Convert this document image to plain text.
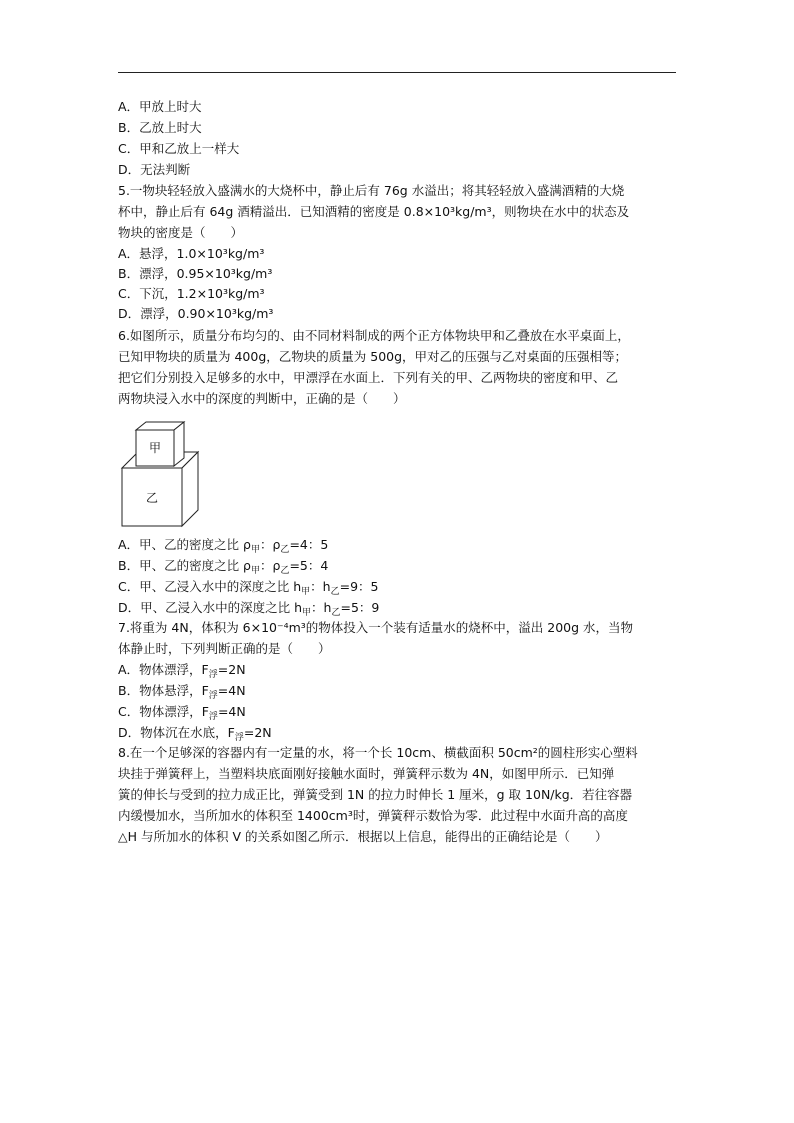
A．甲放上时大
B．乙放上时大
C．甲和乙放上一样大
D．无法判断
5.一物块轻轻放入盛满水的大烧杯中，静止后有 76g 水溢出；将其轻轻放入盛满酒精的大烧
杯中，静止后有 64g 酒精溢出．已知酒精的密度是 0.8×10³kg/m³，则物块在水中的状态及
物块的密度是（　　）
A．悬浮，1.0×10³kg/m³
B．漂浮，0.95×10³kg/m³
C．下沉，1.2×10³kg/m³
D．漂浮，0.90×10³kg/m³
6.如图所示，质量分布均匀的、由不同材料制成的两个正方体物块甲和乙叠放在水平桌面上，
已知甲物块的质量为 400g，乙物块的质量为 500g，甲对乙的压强与乙对桌面的压强相等；
把它们分别投入足够多的水中，甲漂浮在水面上．下列有关的甲、乙两物块的密度和甲、乙
两物块浸入水中的深度的判断中，正确的是（　　）
甲
乙
A．甲、乙的密度之比 $\rho_甲$：$\rho_乙=4$：5
B．甲、乙的密度之比 $\rho_甲$：$\rho_乙=5$：4
C．甲、乙浸入水中的深度之比 $h_甲$：$h_乙=9$：5
D．甲、乙浸入水中的深度之比 $h_甲$：$h_乙=5$：9
7.将重为 4N，体积为 6×10⁻⁴m³的物体投入一个装有适量水的烧杯中，溢出 200g 水，当物
体静止时，下列判断正确的是（　　）
A．物体漂浮，$F_浮=2N$
B．物体悬浮，$F_浮=4N$
C．物体漂浮，$F_浮=4N$
D．物体沉在水底，$F_浮=2N$
8.在一个足够深的容器内有一定量的水，将一个长 10cm、横截面积 50cm²的圆柱形实心塑料
块挂于弹簧秤上，当塑料块底面刚好接触水面时，弹簧秤示数为 4N，如图甲所示．已知弹
簧的伸长与受到的拉力成正比，弹簧受到 1N 的拉力时伸长 1 厘米，g 取 10N/kg．若往容器
内缓慢加水，当所加水的体积至 1400cm³时，弹簧秤示数恰为零．此过程中水面升高的高度
△H 与所加水的体积 V 的关系如图乙所示．根据以上信息，能得出的正确结论是（　　）
